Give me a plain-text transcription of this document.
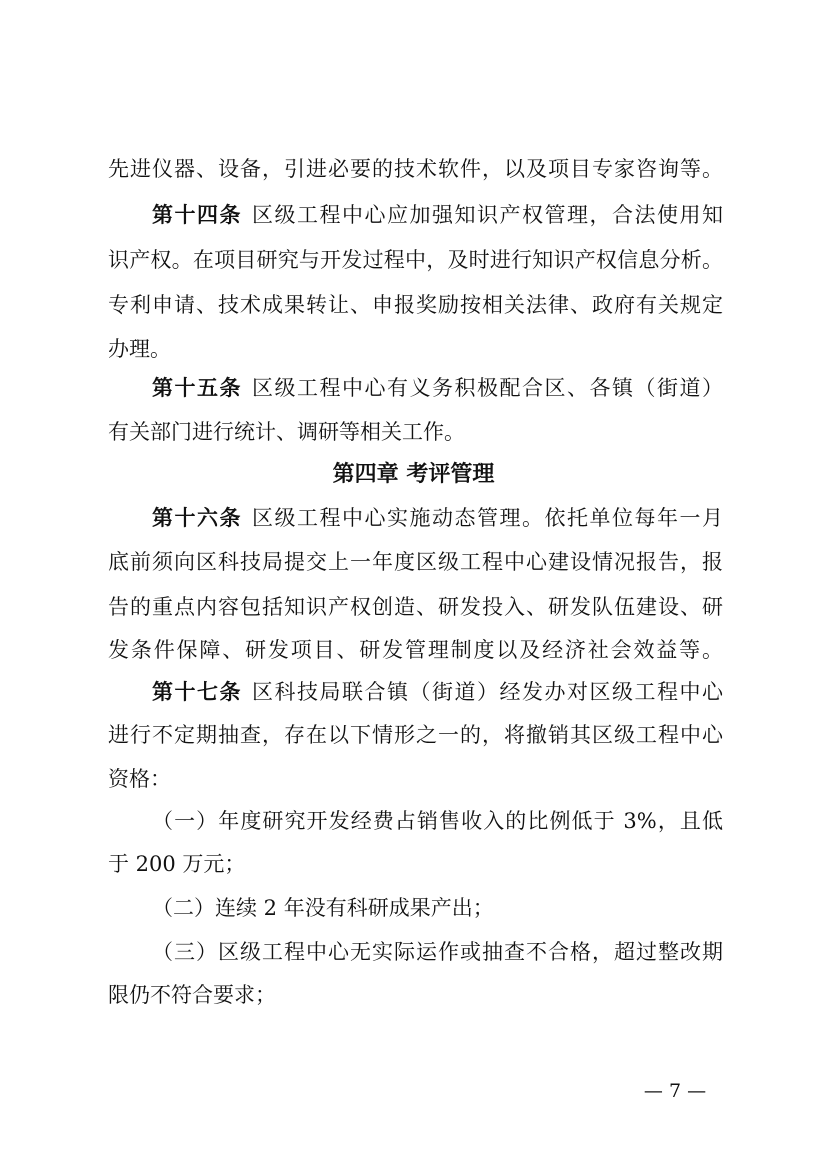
先进仪器、设备，引进必要的技术软件，以及项目专家咨询等。
第十四条 区级工程中心应加强知识产权管理，合法使用知
识产权。在项目研究与开发过程中，及时进行知识产权信息分析。
专利申请、技术成果转让、申报奖励按相关法律、政府有关规定
办理。
第十五条 区级工程中心有义务积极配合区、各镇（街道）
有关部门进行统计、调研等相关工作。
第四章 考评管理
第十六条 区级工程中心实施动态管理。依托单位每年一月
底前须向区科技局提交上一年度区级工程中心建设情况报告，报
告的重点内容包括知识产权创造、研发投入、研发队伍建设、研
发条件保障、研发项目、研发管理制度以及经济社会效益等。
第十七条 区科技局联合镇（街道）经发办对区级工程中心
进行不定期抽查，存在以下情形之一的，将撤销其区级工程中心
资格：
（一）年度研究开发经费占销售收入的比例低于 3%，且低
于 200 万元；
（二）连续 2 年没有科研成果产出；
（三）区级工程中心无实际运作或抽查不合格，超过整改期
限仍不符合要求；
— 7 —
